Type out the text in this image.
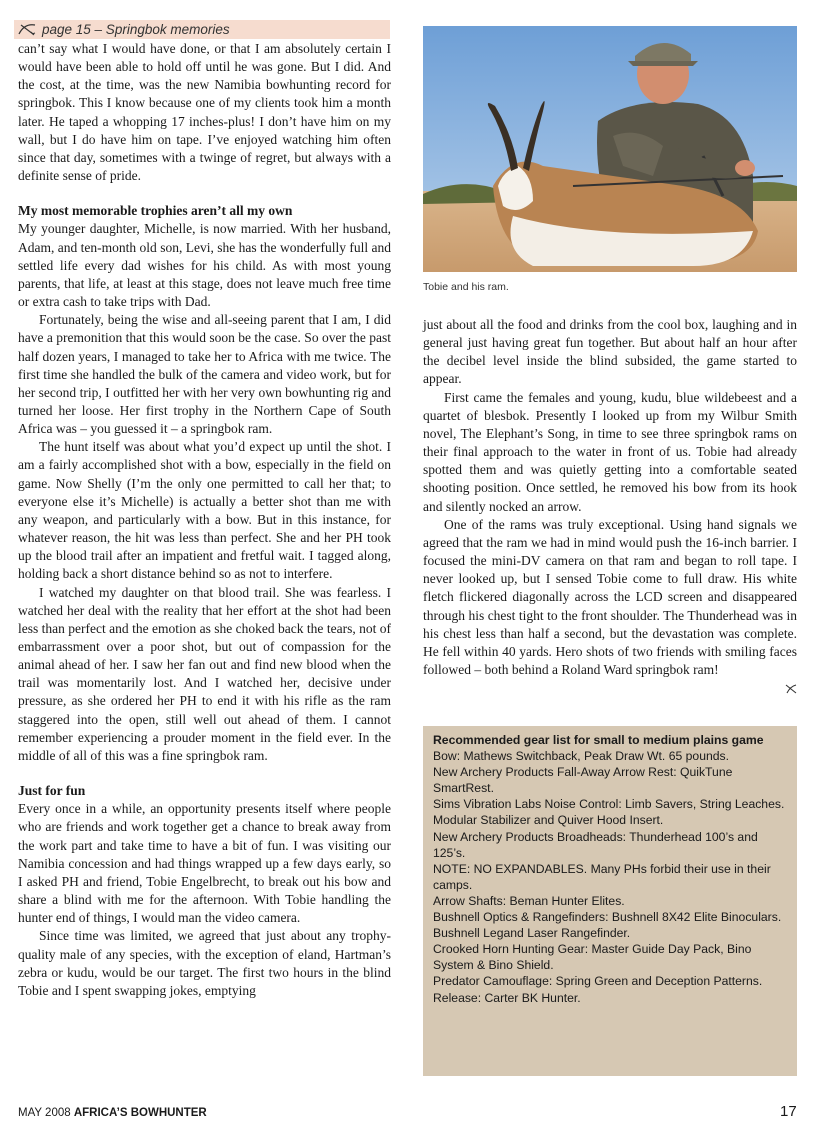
page 15 – Springbok memories

can’t say what I would have done, or that I am absolutely certain I would have been able to hold off until he was gone. But I did. And the cost, at the time, was the new Namibia bowhunting record for springbok. This I know because one of my clients took him a month later. He taped a whopping 17 inches-plus! I don’t have him on my wall, but I do have him on tape. I’ve enjoyed watching him often since that day, sometimes with a twinge of regret, but always with a definite sense of pride.

My most memorable trophies aren’t all my own

My younger daughter, Michelle, is now married. With her husband, Adam, and ten-month old son, Levi, she has the wonderfully full and settled life every dad wishes for his child. As with most young parents, that life, at least at this stage, does not leave much free time or extra cash to take trips with Dad.

Fortunately, being the wise and all-seeing parent that I am, I did have a premonition that this would soon be the case. So over the past half dozen years, I managed to take her to Africa with me twice. The first time she handled the bulk of the camera and video work, but for her second trip, I outfitted her with her very own bowhunting rig and turned her loose. Her first trophy in the Northern Cape of South Africa was – you guessed it – a springbok ram.

The hunt itself was about what you’d expect up until the shot. I am a fairly accomplished shot with a bow, especially in the field on game. Now Shelly (I’m the only one permitted to call her that; to everyone else it’s Michelle) is actually a better shot than me with any weapon, and particularly with a bow. But in this instance, for whatever reason, the hit was less than perfect. She and her PH took up the blood trail after an impatient and fretful wait. I tagged along, holding back a short distance behind so as not to interfere.

I watched my daughter on that blood trail. She was fearless. I watched her deal with the reality that her effort at the shot had been less than perfect and the emotion as she choked back the tears, not of embarrassment over a poor shot, but out of compassion for the animal ahead of her. I saw her fan out and find new blood when the trail was momentarily lost. And I watched her, decisive under pressure, as she ordered her PH to end it with his rifle as the ram staggered into the open, still well out ahead of them. I cannot remember experiencing a prouder moment in the field ever. In the middle of all of this was a fine springbok ram.

Just for fun

Every once in a while, an opportunity presents itself where people who are friends and work together get a chance to break away from the work part and take time to have a bit of fun. I was visiting our Namibia concession and had things wrapped up a few days early, so I asked PH and friend, Tobie Engelbrecht, to break out his bow and share a blind with me for the afternoon. With Tobie handling the hunter end of things, I would man the video camera.

Since time was limited, we agreed that just about any trophy-quality male of any species, with the exception of eland, Hartman’s zebra or kudu, would be our target. The first two hours in the blind Tobie and I spent swapping jokes, emptying

Tobie and his ram.

just about all the food and drinks from the cool box, laughing and in general just having great fun together. But about half an hour after the decibel level inside the blind subsided, the game started to appear.

First came the females and young, kudu, blue wildebeest and a quartet of blesbok. Presently I looked up from my Wilbur Smith novel, The Elephant’s Song, in time to see three springbok rams on their final approach to the water in front of us. Tobie had already spotted them and was quietly getting into a comfortable seated shooting position. Once settled, he removed his bow from its hook and silently nocked an arrow.

One of the rams was truly exceptional. Using hand signals we agreed that the ram we had in mind would push the 16-inch barrier. I focused the mini-DV camera on that ram and began to roll tape. I never looked up, but I sensed Tobie come to full draw. His white fletch flickered diagonally across the LCD screen and disappeared through his chest tight to the front shoulder. The Thunderhead was in his chest less than half a second, but the devastation was complete. He fell within 40 yards. Hero shots of two friends with smiling faces followed – both behind a Roland Ward springbok ram!

Recommended gear list for small to medium plains game
Bow: Mathews Switchback, Peak Draw Wt. 65 pounds.
New Archery Products Fall-Away Arrow Rest: QuikTune SmartRest.
Sims Vibration Labs Noise Control: Limb Savers, String Leaches.
Modular Stabilizer and Quiver Hood Insert.
New Archery Products Broadheads: Thunderhead 100’s and 125’s.
NOTE: NO EXPANDABLES. Many PHs forbid their use in their camps.
Arrow Shafts: Beman Hunter Elites.
Bushnell Optics & Rangefinders: Bushnell 8X42 Elite Binoculars.
Bushnell Legand Laser Rangefinder.
Crooked Horn Hunting Gear: Master Guide Day Pack, Bino System & Bino Shield.
Predator Camouflage: Spring Green and Deception Patterns.
Release: Carter BK Hunter.
MAY 2008 AFRICA’S BOWHUNTER	17
